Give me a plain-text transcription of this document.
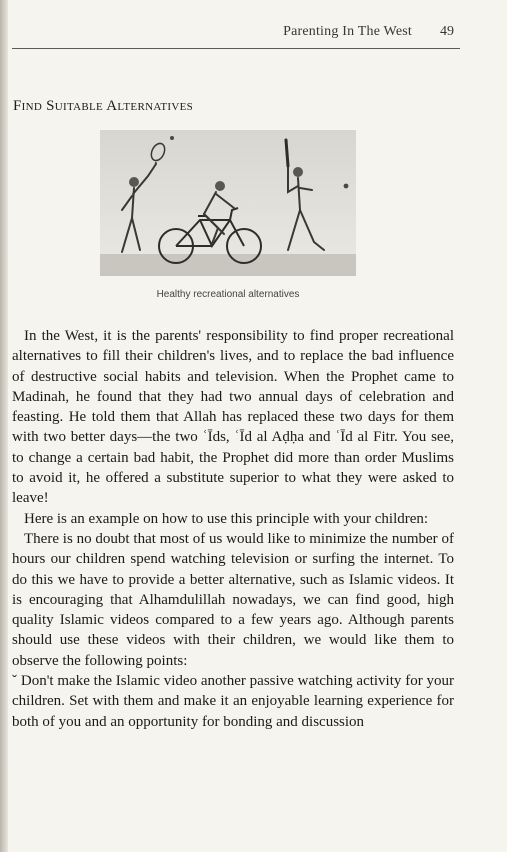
Parenting In The West 49
Find Suitable Alternatives
Healthy recreational alternatives

In the West, it is the parents' responsibility to find proper recreational alternatives to fill their children's lives, and to replace the bad influence of destructive social habits and television. When the Prophet came to Madinah, he found that they had two annual days of celebration and feasting. He told them that Allah has replaced these two days for them with two better days—the two ʿĪds, ʿĪd al Aḍḥa and ʿĪd al Fitr. You see, to change a certain bad habit, the Prophet did more than order Muslims to avoid it, he offered a substitute superior to what they were asked to leave!

Here is an example on how to use this principle with your children:

There is no doubt that most of us would like to minimize the number of hours our children spend watching television or surfing the internet. To do this we have to provide a better alternative, such as Islamic videos. It is encouraging that Alhamdulillah nowadays, we can find good, high quality Islamic videos compared to a few years ago. Although parents should use these videos with their children, we would like them to observe the following points:

ˇ Don't make the Islamic video another passive watching activity for your children. Set with them and make it an enjoyable learning experience for both of you and an opportunity for bonding and discussion
